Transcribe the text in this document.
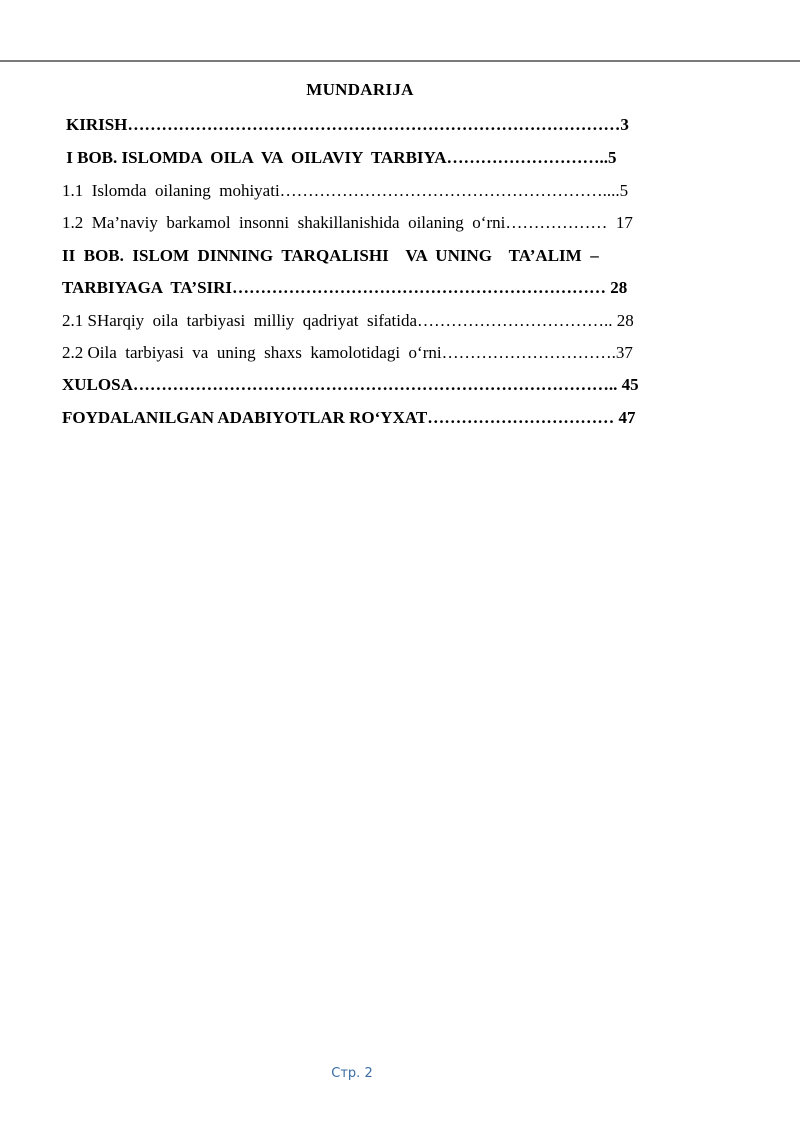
MUNDARIJA
KIRISH……………………………………………………………………………3
I BOB. ISLOMDA  OILA  VA  OILAVIY  TARBIYA………………………..5
1.1  Islomda  oilaning  mohiyati…………………………………………………....5
1.2  Ma’naviy  barkamol  insonni  shakillanishida  oilaning  o‘rni………………  17
II  BOB.  ISLOM  DINNING  TARQALISHI    VA  UNING    TA’ALIM  –
TARBIYAGA  TA’SIRI………………………………………………………… 28
2.1 SHarqiy  oila  tarbiyasi  milliy  qadriyat  sifatida…………………………….. 28
2.2 Oila  tarbiyasi  va  uning  shaxs  kamolotidagi  o‘rni………………………….37
XULOSA………………………………………………………………………….. 45
FOYDALANILGAN ADABIYOTLAR RO‘YXAT…………………………… 47
Стр. 2
